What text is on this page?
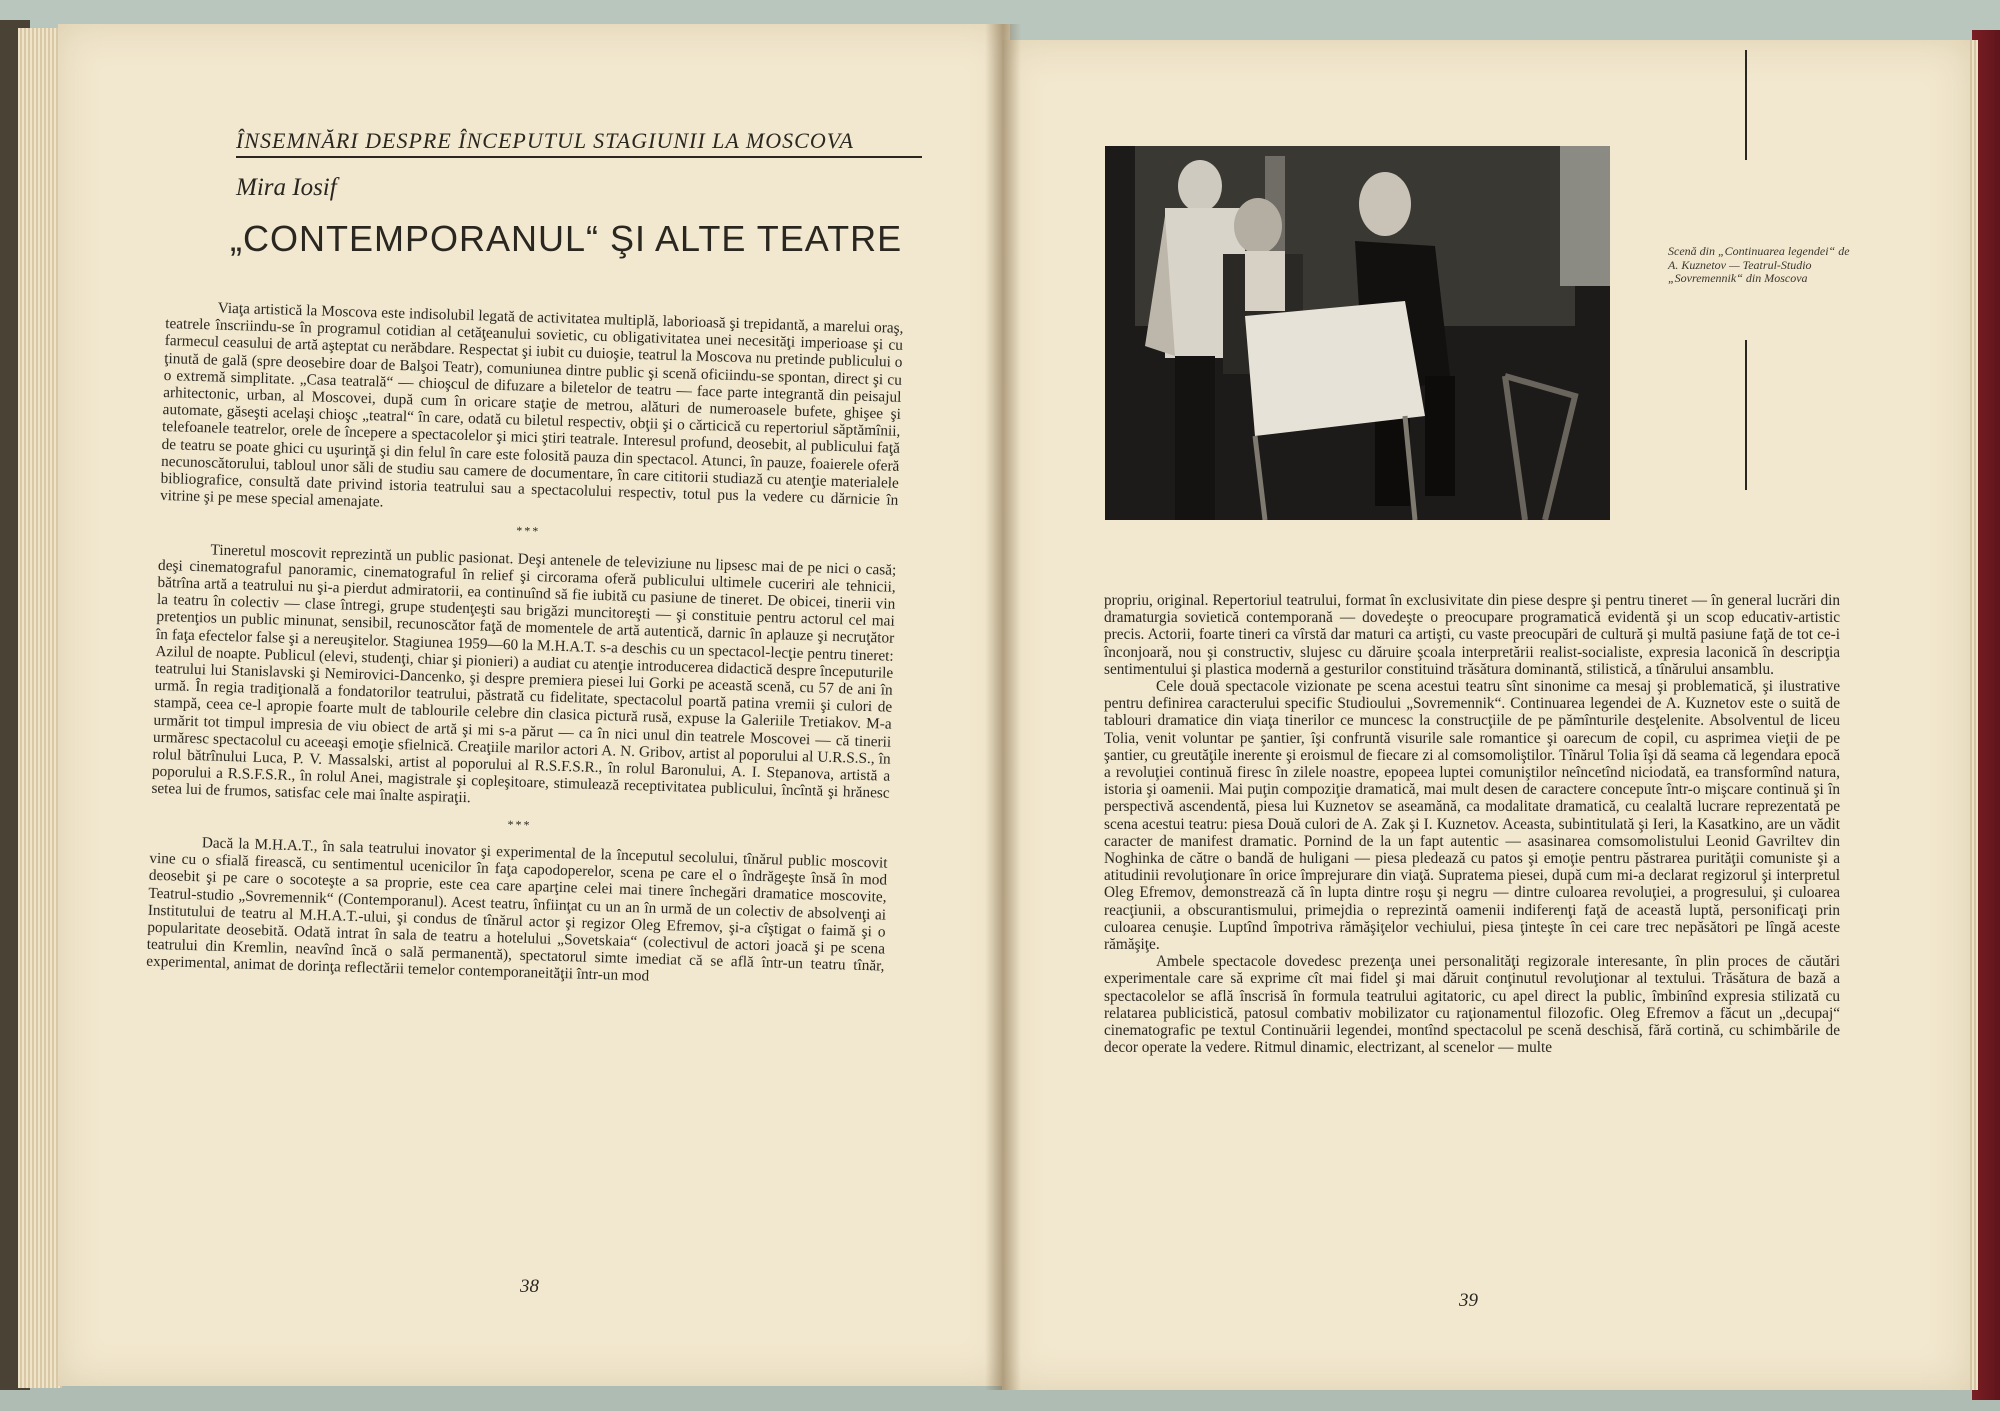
ÎNSEMNĂRI DESPRE ÎNCEPUTUL STAGIUNII LA MOSCOVA
Mira Iosif
„CONTEMPORANUL“ ŞI ALTE TEATRE

Viaţa artistică la Moscova este indisolubil legată de activitatea multiplă, laborioasă şi trepidantă, a marelui oraş, teatrele înscriindu-se în programul cotidian al cetăţeanului sovietic, cu obligativitatea unei necesităţi imperioase şi cu farmecul ceasului de artă aşteptat cu nerăbdare. Respectat şi iubit cu duioşie, teatrul la Moscova nu pretinde publicului o ţinută de gală (spre deosebire doar de Balşoi Teatr), comuniunea dintre public şi scenă oficiindu-se spontan, direct şi cu o extremă simplitate. „Casa teatrală“ — chioşcul de difuzare a biletelor de teatru — face parte integrantă din peisajul arhitectonic, urban, al Moscovei, după cum în oricare staţie de metrou, alături de numeroasele bufete, ghişee şi automate, găseşti acelaşi chioşc „teatral“ în care, odată cu biletul respectiv, obţii şi o cărticică cu repertoriul săptămînii, telefoanele teatrelor, orele de începere a spectacolelor şi mici ştiri teatrale. Interesul profund, deosebit, al publicului faţă de teatru se poate ghici cu uşurinţă şi din felul în care este folosită pauza din spectacol. Atunci, în pauze, foaierele oferă necunoscătorului, tabloul unor săli de studiu sau camere de documentare, în care cititorii studiază cu atenţie materialele bibliografice, consultă date privind istoria teatrului sau a spectacolului respectiv, totul pus la vedere cu dărnicie în vitrine şi pe mese special amenajate.

***

Tineretul moscovit reprezintă un public pasionat. Deşi antenele de televiziune nu lipsesc mai de pe nici o casă; deşi cinematograful panoramic, cinematograful în relief şi circorama oferă publicului ultimele cuceriri ale tehnicii, bătrîna artă a teatrului nu şi-a pierdut admiratorii, ea continuînd să fie iubită cu pasiune de tineret. De obicei, tinerii vin la teatru în colectiv — clase întregi, grupe studenţeşti sau brigăzi muncitoreşti — şi constituie pentru actorul cel mai pretenţios un public minunat, sensibil, recunoscător faţă de momentele de artă autentică, darnic în aplauze şi necruţător în faţa efectelor false şi a nereuşitelor. Stagiunea 1959—60 la M.H.A.T. s-a deschis cu un spectacol-lecţie pentru tineret: Azilul de noapte. Publicul (elevi, studenţi, chiar şi pionieri) a audiat cu atenţie introducerea didactică despre începuturile teatrului lui Stanislavski şi Nemirovici-Dancenko, şi despre premiera piesei lui Gorki pe această scenă, cu 57 de ani în urmă. În regia tradiţională a fondatorilor teatrului, păstrată cu fidelitate, spectacolul poartă patina vremii şi culori de stampă, ceea ce-l apropie foarte mult de tablourile celebre din clasica pictură rusă, expuse la Galeriile Tretiakov. M-a urmărit tot timpul impresia de viu obiect de artă şi mi s-a părut — ca în nici unul din teatrele Moscovei — că tinerii urmăresc spectacolul cu aceeaşi emoţie sfielnică. Creaţiile marilor actori A. N. Gribov, artist al poporului al U.R.S.S., în rolul bătrînului Luca, P. V. Massalski, artist al poporului al R.S.F.S.R., în rolul Baronului, A. I. Stepanova, artistă a poporului a R.S.F.S.R., în rolul Anei, magistrale şi copleşitoare, stimulează receptivitatea publicului, încîntă şi hrănesc setea lui de frumos, satisfac cele mai înalte aspiraţii.

***

Dacă la M.H.A.T., în sala teatrului inovator şi experimental de la începutul secolului, tînărul public moscovit vine cu o sfială firească, cu sentimentul ucenicilor în faţa capodoperelor, scena pe care el o îndrăgeşte însă în mod deosebit şi pe care o socoteşte a sa proprie, este cea care aparţine celei mai tinere închegări dramatice moscovite, Teatrul-studio „Sovremennik“ (Contemporanul). Acest teatru, înfiinţat cu un an în urmă de un colectiv de absolvenţi ai Institutului de teatru al M.H.A.T.-ului, şi condus de tînărul actor şi regizor Oleg Efremov, şi-a cîştigat o faimă şi o popularitate deosebită. Odată intrat în sala de teatru a hotelului „Sovetskaia“ (colectivul de actori joacă şi pe scena teatrului din Kremlin, neavînd încă o sală permanentă), spectatorul simte imediat că se află într-un teatru tînăr, experimental, animat de dorinţa reflectării temelor contemporaneităţii într-un mod

38
Scenă din „Continuarea legendei“ de A. Kuznetov — Teatrul-Studio „Sovremennik“ din Moscova

propriu, original. Repertoriul teatrului, format în exclusivitate din piese despre şi pentru tineret — în general lucrări din dramaturgia sovietică contemporană — dovedeşte o preocupare programatică evidentă şi un scop educativ-artistic precis. Actorii, foarte tineri ca vîrstă dar maturi ca artişti, cu vaste preocupări de cultură şi multă pasiune faţă de tot ce-i înconjoară, nou şi constructiv, slujesc cu dăruire şcoala interpretării realist-socialiste, expresia laconică în descripţia sentimentului şi plastica modernă a gesturilor constituind trăsătura dominantă, stilistică, a tînărului ansamblu.

Cele două spectacole vizionate pe scena acestui teatru sînt sinonime ca mesaj şi problematică, şi ilustrative pentru definirea caracterului specific Studioului „Sovremennik“. Continuarea legendei de A. Kuznetov este o suită de tablouri dramatice din viaţa tinerilor ce muncesc la construcţiile de pe pămînturile desţelenite. Absolventul de liceu Tolia, venit voluntar pe şantier, îşi confruntă visurile sale romantice şi oarecum de copil, cu asprimea vieţii de pe şantier, cu greutăţile inerente şi eroismul de fiecare zi al comsomoliştilor. Tînărul Tolia îşi dă seama că legendara epocă a revoluţiei continuă firesc în zilele noastre, epopeea luptei comuniştilor neîncetînd niciodată, ea transformînd natura, istoria şi oamenii. Mai puţin compoziţie dramatică, mai mult desen de caractere concepute într-o mişcare continuă şi în perspectivă ascendentă, piesa lui Kuznetov se aseamănă, ca modalitate dramatică, cu cealaltă lucrare reprezentată pe scena acestui teatru: piesa Două culori de A. Zak şi I. Kuznetov. Aceasta, subintitulată şi Ieri, la Kasatkino, are un vădit caracter de manifest dramatic. Pornind de la un fapt autentic — asasinarea comsomolistului Leonid Gavriltev din Noghinka de către o bandă de huligani — piesa pledează cu patos şi emoţie pentru păstrarea purităţii comuniste şi a atitudinii revoluţionare în orice împrejurare din viaţă. Supratema piesei, după cum mi-a declarat regizorul şi interpretul Oleg Efremov, demonstrează că în lupta dintre roşu şi negru — dintre culoarea revoluţiei, a progresului, şi culoarea reacţiunii, a obscurantismului, primejdia o reprezintă oamenii indiferenţi faţă de această luptă, personificaţi prin culoarea cenuşie. Luptînd împotriva rămăşiţelor vechiului, piesa ţinteşte în cei care trec nepăsători pe lîngă aceste rămăşiţe.

Ambele spectacole dovedesc prezenţa unei personalităţi regizorale interesante, în plin proces de căutări experimentale care să exprime cît mai fidel şi mai dăruit conţinutul revoluţionar al textului. Trăsătura de bază a spectacolelor se află înscrisă în formula teatrului agitatoric, cu apel direct la public, îmbinînd expresia stilizată cu relatarea publicistică, patosul combativ mobilizator cu raţionamentul filozofic. Oleg Efremov a făcut un „decupaj“ cinematografic pe textul Continuării legendei, montînd spectacolul pe scenă deschisă, fără cortină, cu schimbările de decor operate la vedere. Ritmul dinamic, electrizant, al scenelor — multe

39
